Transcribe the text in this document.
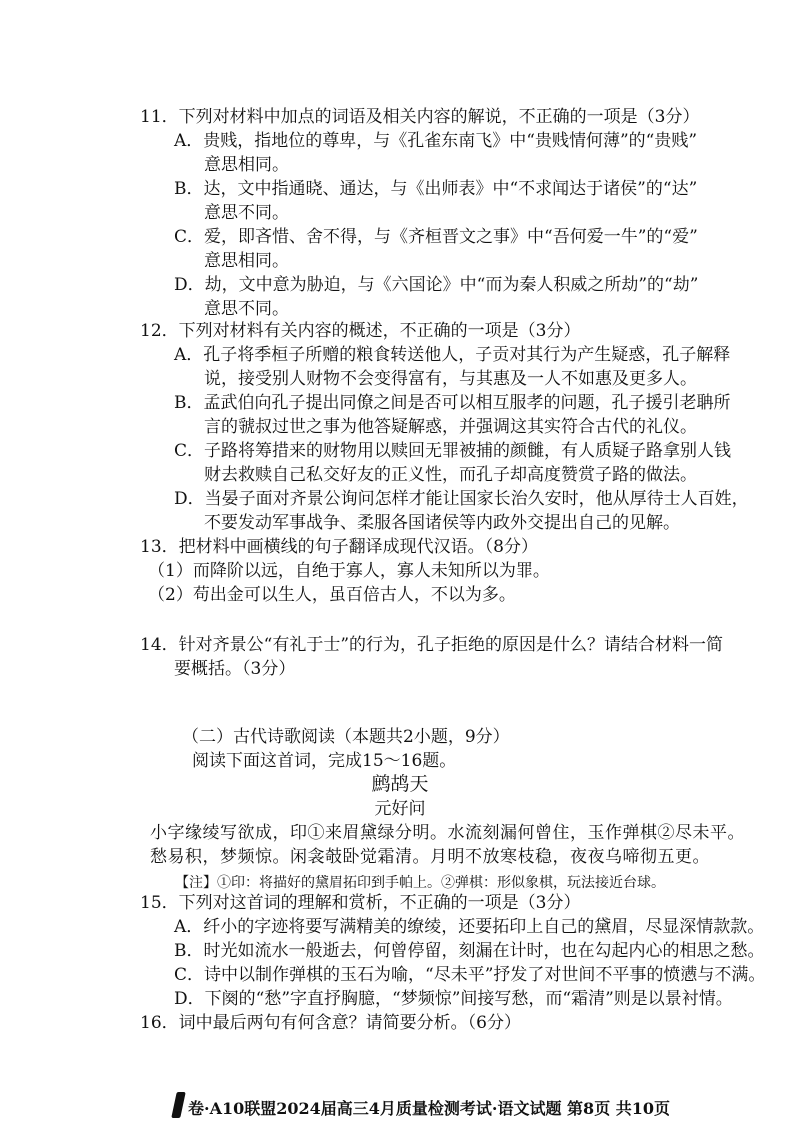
11．下列对材料中加点的词语及相关内容的解说，不正确的一项是（3分）
A．贵贱，指地位的尊卑，与《孔雀东南飞》中“贵贱情何薄”的“贵贱”
意思相同。
B．达，文中指通晓、通达，与《出师表》中“不求闻达于诸侯”的“达”
意思不同。
C．爱，即吝惜、舍不得，与《齐桓晋文之事》中“吾何爱一牛”的“爱”
意思相同。
D．劫，文中意为胁迫，与《六国论》中“而为秦人积威之所劫”的“劫”
意思不同。
12．下列对材料有关内容的概述，不正确的一项是（3分）
A．孔子将季桓子所赠的粮食转送他人，子贡对其行为产生疑惑，孔子解释
说，接受别人财物不会变得富有，与其惠及一人不如惠及更多人。
B．孟武伯向孔子提出同僚之间是否可以相互服孝的问题，孔子援引老聃所
言的虢叔过世之事为他答疑解惑，并强调这其实符合古代的礼仪。
C．子路将筹措来的财物用以赎回无罪被捕的颜雠，有人质疑子路拿别人钱
财去救赎自己私交好友的正义性，而孔子却高度赞赏子路的做法。
D．当晏子面对齐景公询问怎样才能让国家长治久安时，他从厚待士人百姓，
不要发动军事战争、柔服各国诸侯等内政外交提出自己的见解。
13．把材料中画横线的句子翻译成现代汉语。（8分）
（1）而降阶以远，自绝于寡人，寡人未知所以为罪。
（2）苟出金可以生人，虽百倍古人，不以为多。
14．针对齐景公“有礼于士”的行为，孔子拒绝的原因是什么？请结合材料一简
要概括。（3分）
（二）古代诗歌阅读（本题共2小题，9分）
阅读下面这首词，完成15～16题。
鹧鸪天
元好问
小字缘绫写欲成，印①来眉黛绿分明。水流刻漏何曾住，玉作弹棋②尽未平。
愁易积，梦频惊。闲衾攲卧觉霜清。月明不放寒枝稳，夜夜乌啼彻五更。
【注】①印：将描好的黛眉拓印到手帕上。②弹棋：形似象棋，玩法接近台球。
15．下列对这首词的理解和赏析，不正确的一项是（3分）
A．纤小的字迹将要写满精美的缭绫，还要拓印上自己的黛眉，尽显深情款款。
B．时光如流水一般逝去，何曾停留，刻漏在计时，也在勾起内心的相思之愁。
C．诗中以制作弹棋的玉石为喻，“尽未平”抒发了对世间不平事的愤懑与不满。
D．下阕的“愁”字直抒胸臆，“梦频惊”间接写愁，而“霜清”则是以景衬情。
16．词中最后两句有何含意？请简要分析。（6分）
卷·A10联盟2024届高三4月质量检测考试·语文试题 第8页 共10页
